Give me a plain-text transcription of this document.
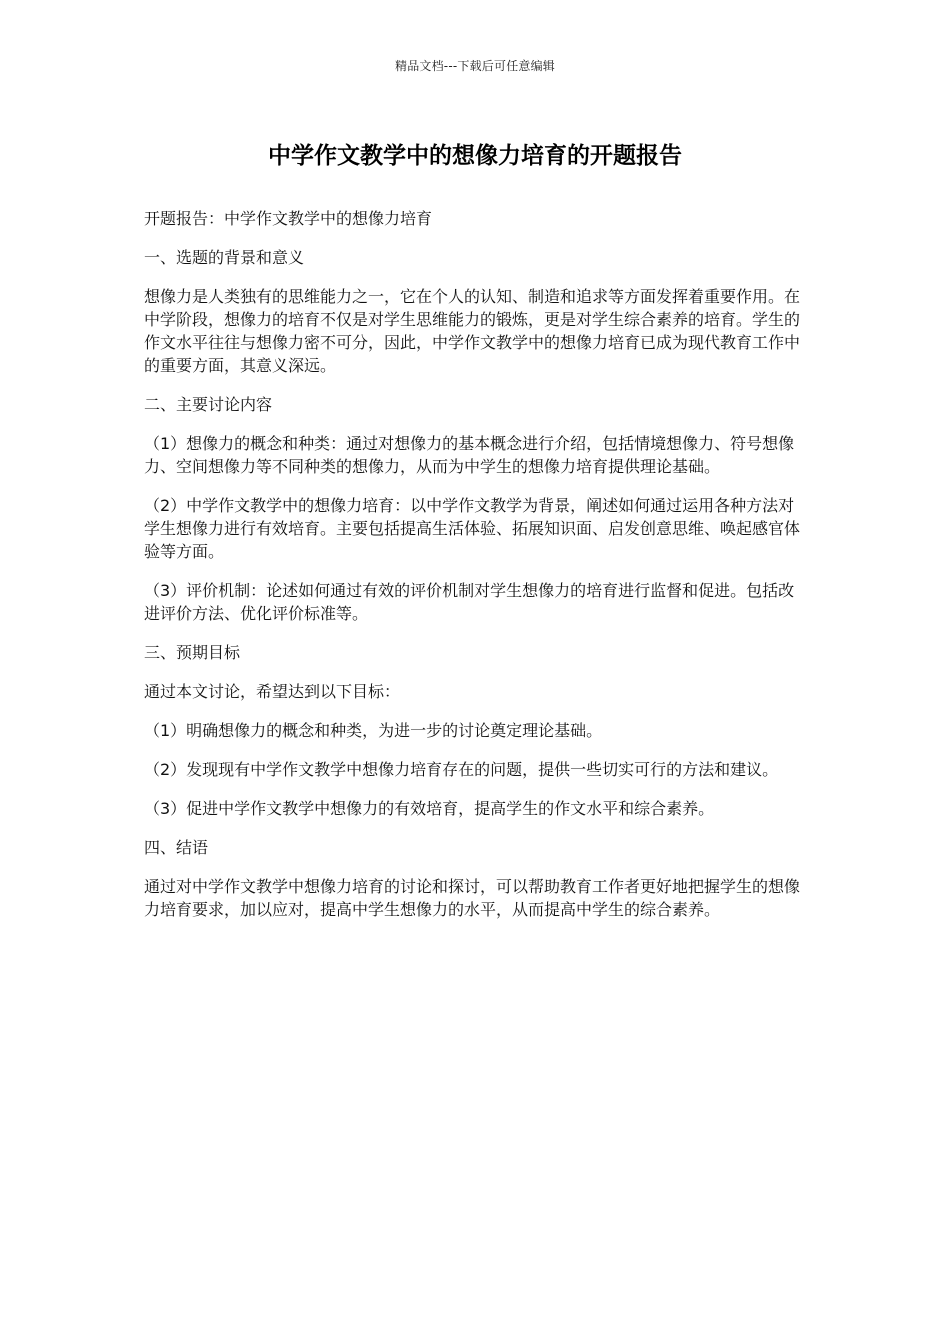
精品文档---下载后可任意编辑
中学作文教学中的想像力培育的开题报告

开题报告：中学作文教学中的想像力培育

一、选题的背景和意义

想像力是人类独有的思维能力之一，它在个人的认知、制造和追求等方面发挥着重要作用。在中学阶段，想像力的培育不仅是对学生思维能力的锻炼，更是对学生综合素养的培育。学生的作文水平往往与想像力密不可分，因此，中学作文教学中的想像力培育已成为现代教育工作中的重要方面，其意义深远。

二、主要讨论内容

（1）想像力的概念和种类：通过对想像力的基本概念进行介绍，包括情境想像力、符号想像力、空间想像力等不同种类的想像力，从而为中学生的想像力培育提供理论基础。

（2）中学作文教学中的想像力培育：以中学作文教学为背景，阐述如何通过运用各种方法对学生想像力进行有效培育。主要包括提高生活体验、拓展知识面、启发创意思维、唤起感官体验等方面。

（3）评价机制：论述如何通过有效的评价机制对学生想像力的培育进行监督和促进。包括改进评价方法、优化评价标准等。

三、预期目标

通过本文讨论，希望达到以下目标：

（1）明确想像力的概念和种类，为进一步的讨论奠定理论基础。

（2）发现现有中学作文教学中想像力培育存在的问题，提供一些切实可行的方法和建议。

（3）促进中学作文教学中想像力的有效培育，提高学生的作文水平和综合素养。

四、结语

通过对中学作文教学中想像力培育的讨论和探讨，可以帮助教育工作者更好地把握学生的想像力培育要求，加以应对，提高中学生想像力的水平，从而提高中学生的综合素养。
